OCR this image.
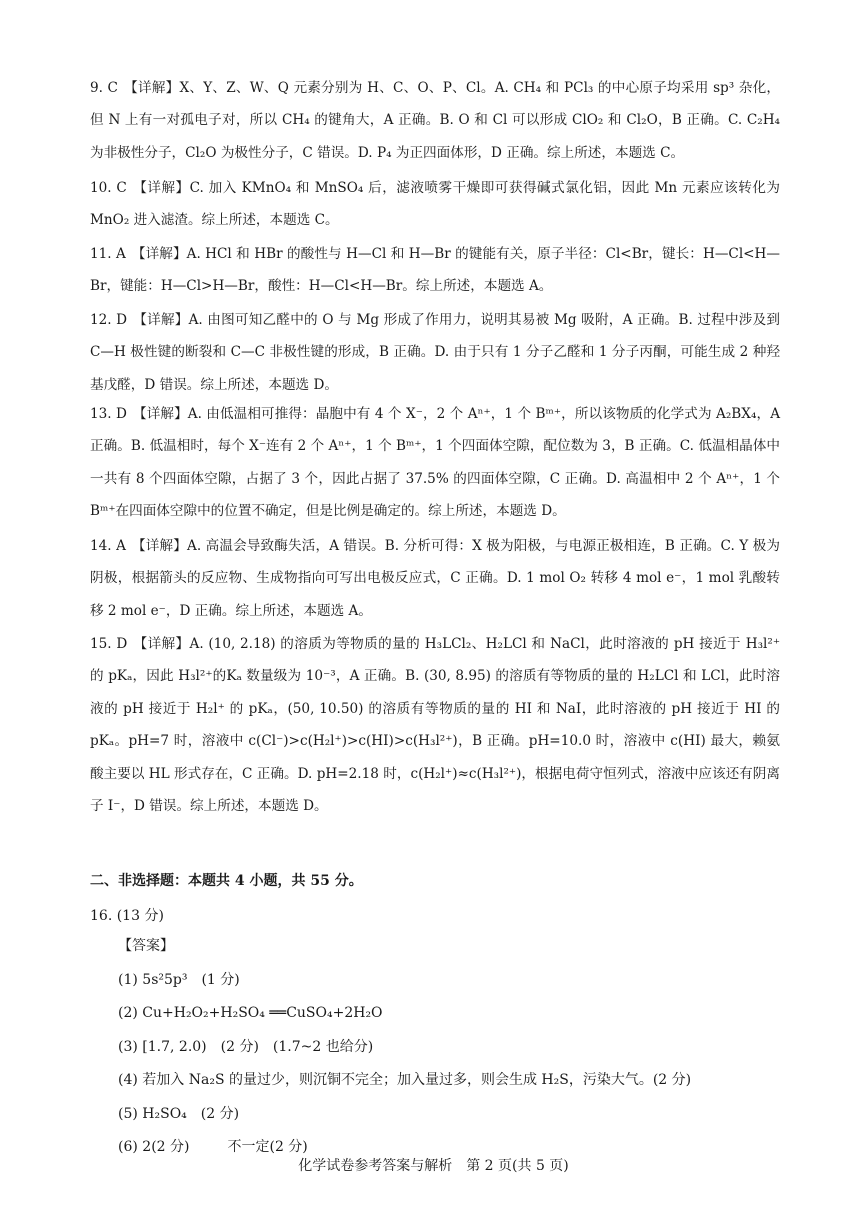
9. C 【详解】X、Y、Z、W、Q 元素分别为 H、C、O、P、Cl。A. CH₄ 和 PCl₃ 的中心原子均采用 sp³ 杂化，但 N 上有一对孤电子对，所以 CH₄ 的键角大，A 正确。B. O 和 Cl 可以形成 ClO₂ 和 Cl₂O，B 正确。C. C₂H₄ 为非极性分子，Cl₂O 为极性分子，C 错误。D. P₄ 为正四面体形，D 正确。综上所述，本题选 C。
10. C 【详解】C. 加入 KMnO₄ 和 MnSO₄ 后，滤液喷雾干燥即可获得碱式氯化铝，因此 Mn 元素应该转化为 MnO₂ 进入滤渣。综上所述，本题选 C。
11. A 【详解】A. HCl 和 HBr 的酸性与 H—Cl 和 H—Br 的键能有关，原子半径：Cl<Br，键长：H—Cl<H—Br，键能：H—Cl>H—Br，酸性：H—Cl<H—Br。综上所述，本题选 A。
12. D 【详解】A. 由图可知乙醛中的 O 与 Mg 形成了作用力，说明其易被 Mg 吸附，A 正确。B. 过程中涉及到 C—H 极性键的断裂和 C—C 非极性键的形成，B 正确。D. 由于只有 1 分子乙醛和 1 分子丙酮，可能生成 2 种羟基戊醛，D 错误。综上所述，本题选 D。
13. D 【详解】A. 由低温相可推得：晶胞中有 4 个 X⁻，2 个 Aⁿ⁺，1 个 Bᵐ⁺，所以该物质的化学式为 A₂BX₄，A 正确。B. 低温相时，每个 X⁻连有 2 个 Aⁿ⁺，1 个 Bᵐ⁺，1 个四面体空隙，配位数为 3，B 正确。C. 低温相晶体中一共有 8 个四面体空隙，占据了 3 个，因此占据了 37.5% 的四面体空隙，C 正确。D. 高温相中 2 个 Aⁿ⁺，1 个 Bᵐ⁺在四面体空隙中的位置不确定，但是比例是确定的。综上所述，本题选 D。
14. A 【详解】A. 高温会导致酶失活，A 错误。B. 分析可得：X 极为阳极，与电源正极相连，B 正确。C. Y 极为阴极，根据箭头的反应物、生成物指向可写出电极反应式，C 正确。D. 1 mol O₂ 转移 4 mol e⁻，1 mol 乳酸转移 2 mol e⁻，D 正确。综上所述，本题选 A。
15. D 【详解】A. (10, 2.18) 的溶质为等物质的量的 H₃LCl₂、H₂LCl 和 NaCl，此时溶液的 pH 接近于 H₃l²⁺ 的 pKₐ，因此 H₃l²⁺的Kₐ 数量级为 10⁻³，A 正确。B. (30, 8.95) 的溶质有等物质的量的 H₂LCl 和 LCl，此时溶液的 pH 接近于 H₂l⁺ 的 pKₐ，(50, 10.50) 的溶质有等物质的量的 HI 和 NaI，此时溶液的 pH 接近于 HI 的 pKₐ。pH=7 时，溶液中 c(Cl⁻)>c(H₂l⁺)>c(HI)>c(H₃l²⁺)，B 正确。pH=10.0 时，溶液中 c(HI) 最大，赖氨酸主要以 HL 形式存在，C 正确。D. pH=2.18 时，c(H₂l⁺)≈c(H₃l²⁺)，根据电荷守恒列式，溶液中应该还有阴离子 I⁻，D 错误。综上所述，本题选 D。
二、非选择题：本题共 4 小题，共 55 分。
16. (13 分)
【答案】
(1) 5s²5p³　(1 分)
(2) Cu+H₂O₂+H₂SO₄ ══CuSO₄+2H₂O
(3) [1.7, 2.0)　(2 分)　(1.7~2 也给分)
(4) 若加入 Na₂S 的量过少，则沉铜不完全；加入量过多，则会生成 H₂S，污染大气。(2 分)
(5) H₂SO₄　(2 分)
(6) 2(2 分)	不一定(2 分)
化学试卷参考答案与解析　第 2 页(共 5 页)
